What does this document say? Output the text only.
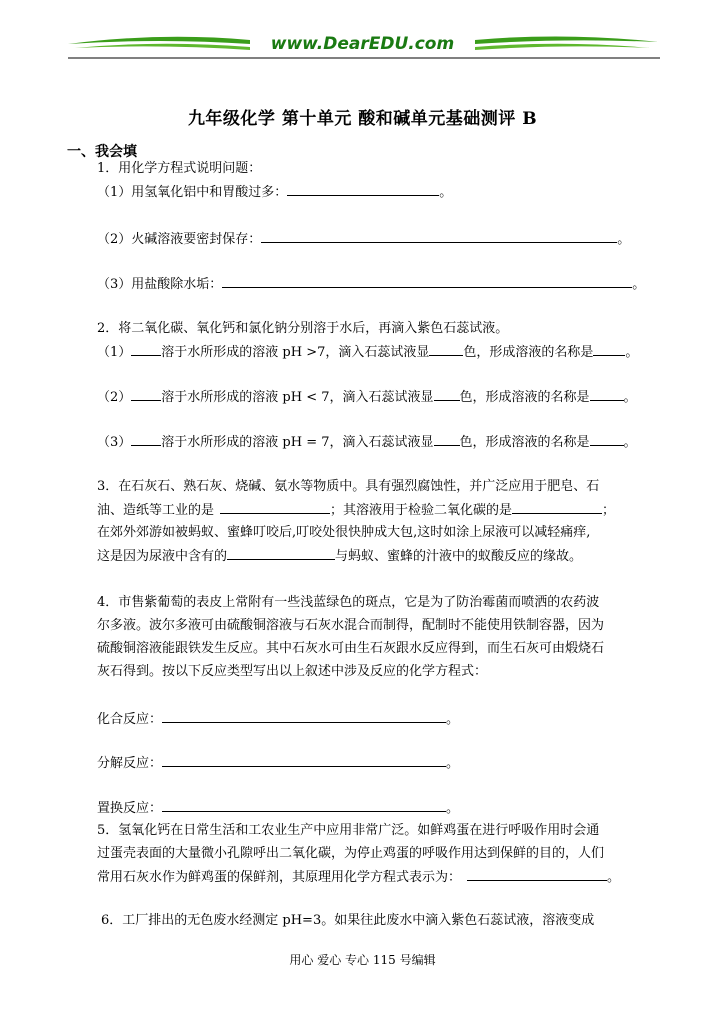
www.DearEDU.com
九年级化学 第十单元 酸和碱单元基础测评 B
一、我会填
1．用化学方程式说明问题：
（1）用氢氧化铝中和胃酸过多：	。
（2）火碱溶液要密封保存：	。
（3）用盐酸除水垢：	。
2．将二氧化碳、氧化钙和氯化钠分别溶于水后，再滴入紫色石蕊试液。
（1） 溶于水所形成的溶液 pH >7，滴入石蕊试液显	色，形成溶液的名称是 。
（2） 溶于水所形成的溶液 pH < 7，滴入石蕊试液显 色，形成溶液的名称是	。
（3） 溶于水所形成的溶液 pH = 7，滴入石蕊试液显 色，形成溶液的名称是	。
3．在石灰石、熟石灰、烧碱、氨水等物质中。具有强烈腐蚀性，并广泛应用于肥皂、石
油、造纸等工业的是	；其溶液用于检验二氧化碳的是	；
在郊外郊游如被蚂蚁、蜜蜂叮咬后,叮咬处很快肿成大包,这时如涂上尿液可以减轻痛痒,
这是因为尿液中含有的	与蚂蚁、蜜蜂的汁液中的蚁酸反应的缘故。
4．市售紫葡萄的表皮上常附有一些浅蓝绿色的斑点，它是为了防治霉菌而喷洒的农药波
尔多液。波尔多液可由硫酸铜溶液与石灰水混合而制得，配制时不能使用铁制容器，因为
硫酸铜溶液能跟铁发生反应。其中石灰水可由生石灰跟水反应得到，而生石灰可由煅烧石
灰石得到。按以下反应类型写出以上叙述中涉及反应的化学方程式：
化合反应：	。
分解反应：	。
置换反应：	。
5．氢氧化钙在日常生活和工农业生产中应用非常广泛。如鲜鸡蛋在进行呼吸作用时会通
过蛋壳表面的大量微小孔隙呼出二氧化碳，为停止鸡蛋的呼吸作用达到保鲜的目的，人们
常用石灰水作为鲜鸡蛋的保鲜剂，其原理用化学方程式表示为：	。
6．工厂排出的无色废水经测定 pH=3。如果往此废水中滴入紫色石蕊试液，溶液变成
用心 爱心 专心 115 号编辑
